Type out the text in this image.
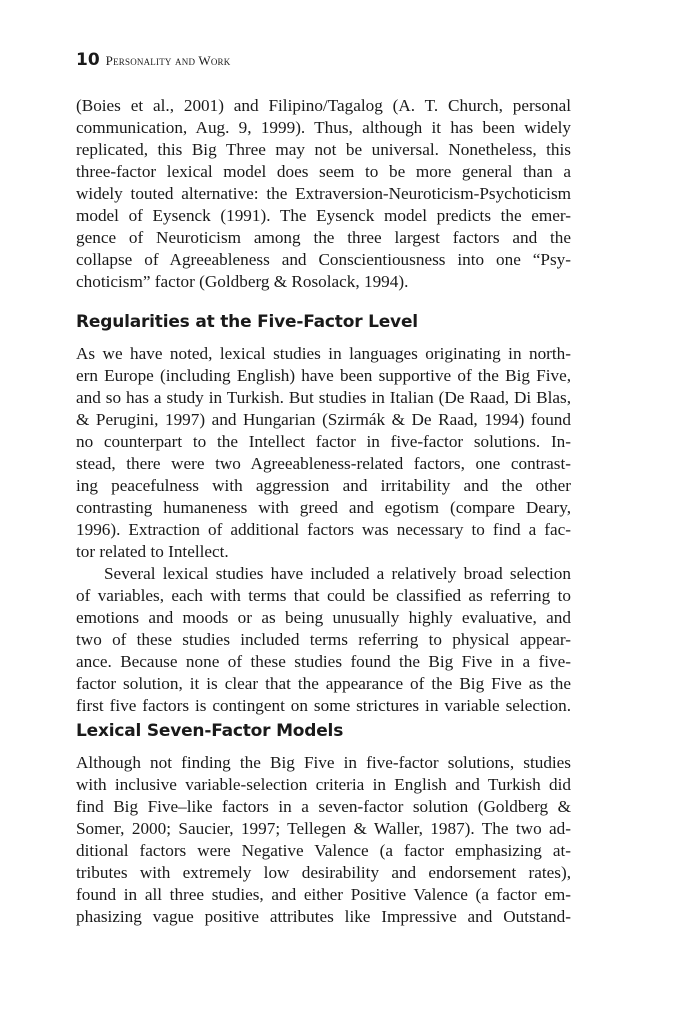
10 Personality and Work
(Boies et al., 2001) and Filipino/Tagalog (A. T. Church, personal
communication, Aug. 9, 1999). Thus, although it has been widely
replicated, this Big Three may not be universal. Nonetheless, this
three-factor lexical model does seem to be more general than a
widely touted alternative: the Extraversion-Neuroticism-Psychoticism
model of Eysenck (1991). The Eysenck model predicts the emer-
gence of Neuroticism among the three largest factors and the
collapse of Agreeableness and Conscientiousness into one “Psy-
choticism” factor (Goldberg & Rosolack, 1994).
Regularities at the Five-Factor Level
As we have noted, lexical studies in languages originating in north-
ern Europe (including English) have been supportive of the Big Five,
and so has a study in Turkish. But studies in Italian (De Raad, Di Blas,
& Perugini, 1997) and Hungarian (Szirmák & De Raad, 1994) found
no counterpart to the Intellect factor in five-factor solutions. In-
stead, there were two Agreeableness-related factors, one contrast-
ing peacefulness with aggression and irritability and the other
contrasting humaneness with greed and egotism (compare Deary,
1996). Extraction of additional factors was necessary to find a fac-
tor related to Intellect.
Several lexical studies have included a relatively broad selection
of variables, each with terms that could be classified as referring to
emotions and moods or as being unusually highly evaluative, and
two of these studies included terms referring to physical appear-
ance. Because none of these studies found the Big Five in a five-
factor solution, it is clear that the appearance of the Big Five as the
first five factors is contingent on some strictures in variable selection.
Lexical Seven-Factor Models
Although not finding the Big Five in five-factor solutions, studies
with inclusive variable-selection criteria in English and Turkish did
find Big Five–like factors in a seven-factor solution (Goldberg &
Somer, 2000; Saucier, 1997; Tellegen & Waller, 1987). The two ad-
ditional factors were Negative Valence (a factor emphasizing at-
tributes with extremely low desirability and endorsement rates),
found in all three studies, and either Positive Valence (a factor em-
phasizing vague positive attributes like Impressive and Outstand-
